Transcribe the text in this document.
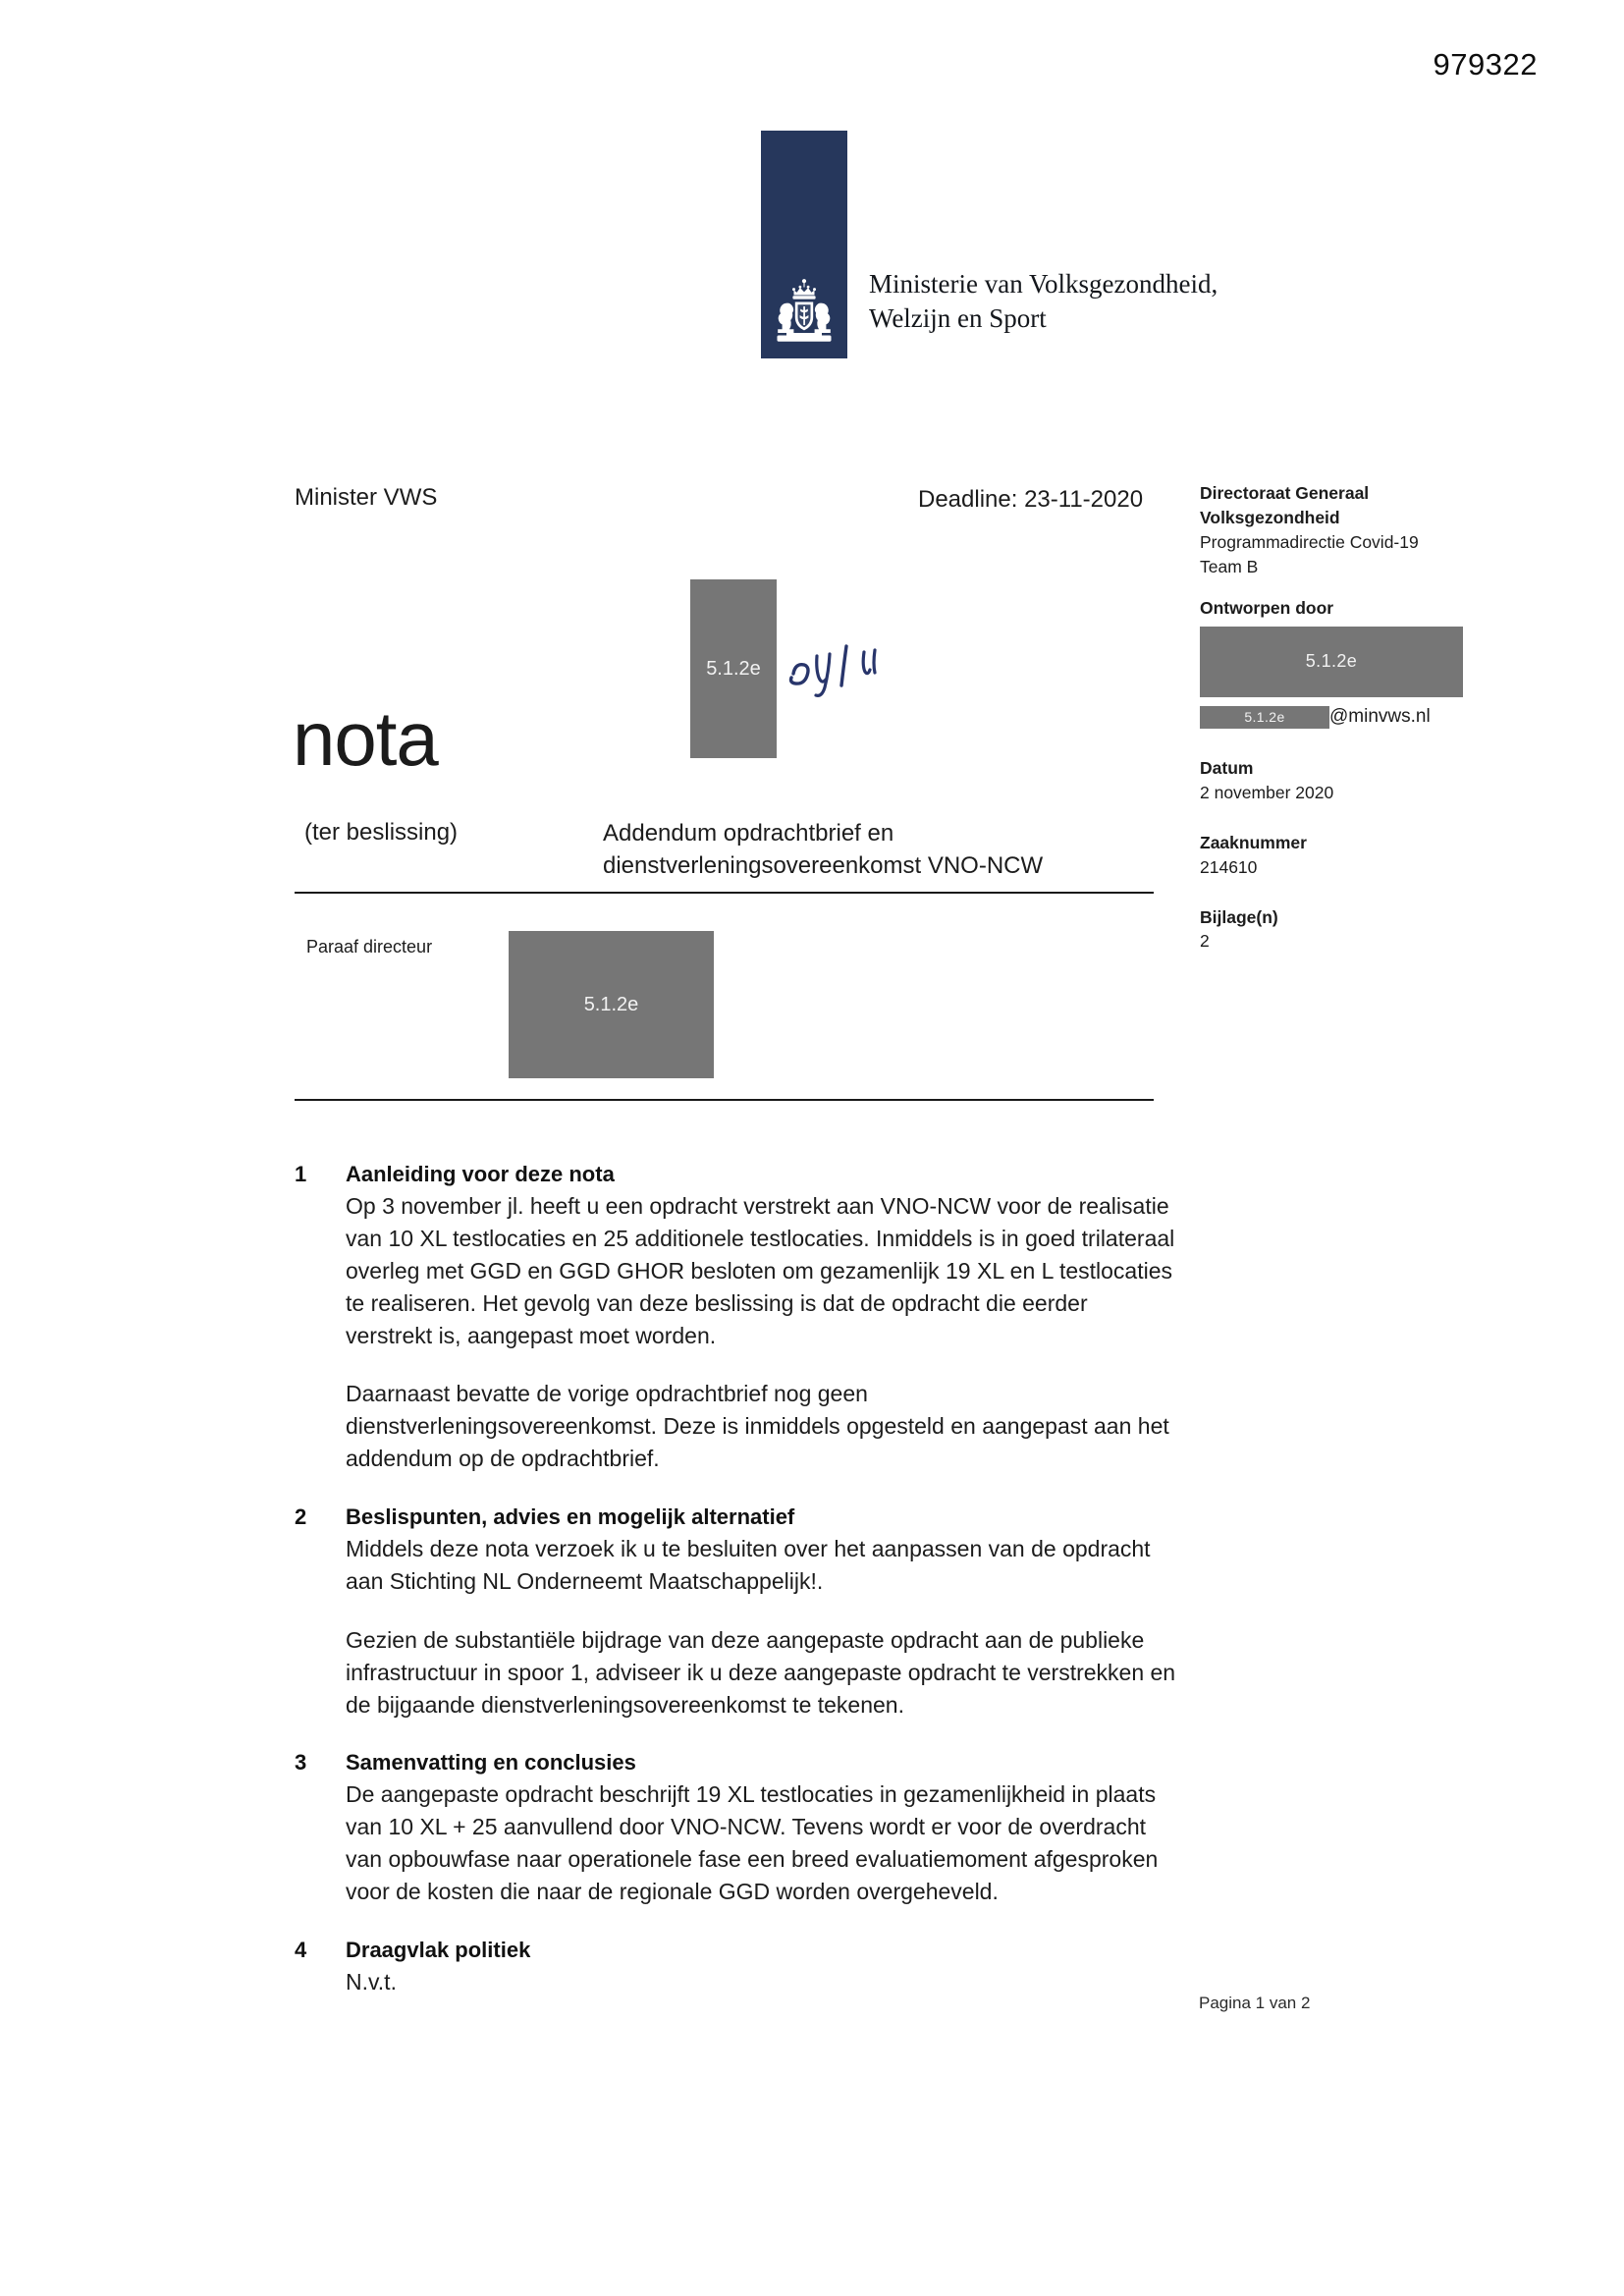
979322
Ministerie van Volksgezondheid,
Welzijn en Sport
Minister VWS	Deadline: 23-11-2020	Directoraat Generaal
Volksgezondheid
Programmadirectie Covid-19
Team B
Ontworpen door
5.1.2e
5.1.2e	@minvws.nl
Datum
2 november 2020
Zaaknummer
214610
Bijlage(n)
2
nota
(ter beslissing)	Addendum opdrachtbrief en
dienstverleningsovereenkomst VNO-NCW
5.1.2e
Paraaf directeur
5.1.2e
1	Aanleiding voor deze nota

Op 3 november jl. heeft u een opdracht verstrekt aan VNO-NCW voor de realisatie van 10 XL testlocaties en 25 additionele testlocaties. Inmiddels is in goed trilateraal overleg met GGD en GGD GHOR besloten om gezamenlijk 19 XL en L testlocaties te realiseren. Het gevolg van deze beslissing is dat de opdracht die eerder verstrekt is, aangepast moet worden.

Daarnaast bevatte de vorige opdrachtbrief nog geen dienstverleningsovereenkomst. Deze is inmiddels opgesteld en aangepast aan het addendum op de opdrachtbrief.

2	Beslispunten, advies en mogelijk alternatief

Middels deze nota verzoek ik u te besluiten over het aanpassen van de opdracht aan Stichting NL Onderneemt Maatschappelijk!.

Gezien de substantiële bijdrage van deze aangepaste opdracht aan de publieke infrastructuur in spoor 1, adviseer ik u deze aangepaste opdracht te verstrekken en de bijgaande dienstverleningsovereenkomst te tekenen.

3	Samenvatting en conclusies

De aangepaste opdracht beschrijft 19 XL testlocaties in gezamenlijkheid in plaats van 10 XL + 25 aanvullend door VNO-NCW. Tevens wordt er voor de overdracht van opbouwfase naar operationele fase een breed evaluatiemoment afgesproken voor de kosten die naar de regionale GGD worden overgeheveld.

4	Draagvlak politiek

N.v.t.

Pagina 1 van 2
